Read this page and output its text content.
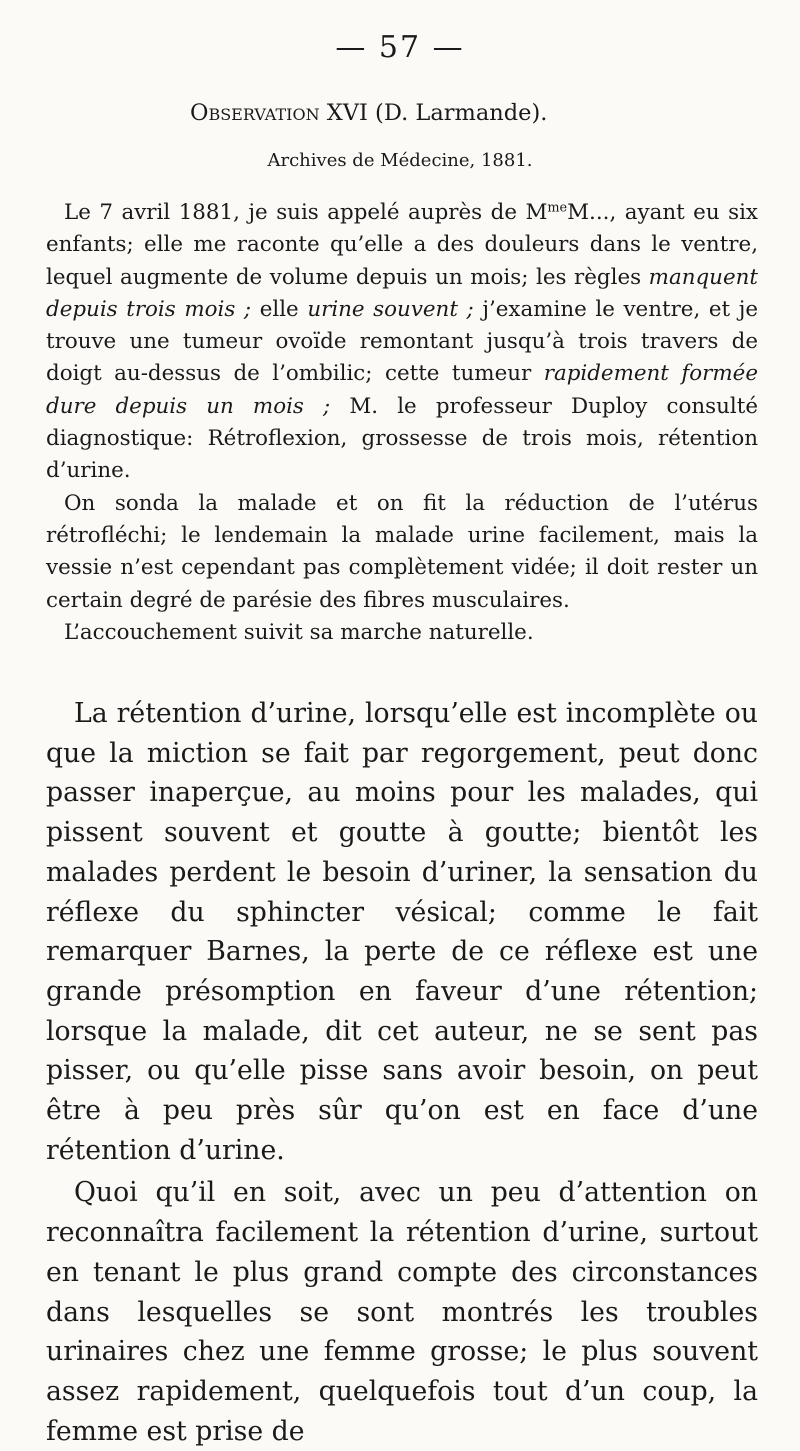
— 57 —
Observation XVI (D. Larmande).
Archives de Médecine, 1881.

Le 7 avril 1881, je suis appelé auprès de $M^{me}M$..., ayant eu six enfants; elle me raconte qu’elle a des douleurs dans le ventre, lequel augmente de volume depuis un mois; les règles manquent depuis trois mois ; elle urine souvent ; j’examine le ventre, et je trouve une tumeur ovoïde remontant jusqu’à trois travers de doigt au-dessus de l’ombilic; cette tumeur rapidement formée dure depuis un mois ; M. le professeur Duploy consulté diagnostique: Rétroflexion, grossesse de trois mois, rétention d’urine.

On sonda la malade et on fit la réduction de l’utérus rétrofléchi; le lendemain la malade urine facilement, mais la vessie n’est cependant pas complètement vidée; il doit rester un certain degré de parésie des fibres musculaires.

L’accouchement suivit sa marche naturelle.

La rétention d’urine, lorsqu’elle est incomplète ou que la miction se fait par regorgement, peut donc passer inaperçue, au moins pour les malades, qui pissent souvent et goutte à goutte; bientôt les malades perdent le besoin d’uriner, la sensation du réflexe du sphincter vésical; comme le fait remarquer Barnes, la perte de ce réflexe est une grande présomption en faveur d’une rétention; lorsque la malade, dit cet auteur, ne se sent pas pisser, ou qu’elle pisse sans avoir besoin, on peut être à peu près sûr qu’on est en face d’une rétention d’urine.

Quoi qu’il en soit, avec un peu d’attention on reconnaîtra facilement la rétention d’urine, surtout en tenant le plus grand compte des circonstances dans lesquelles se sont montrés les troubles urinaires chez une femme grosse; le plus souvent assez rapidement, quelquefois tout d’un coup, la femme est prise de
